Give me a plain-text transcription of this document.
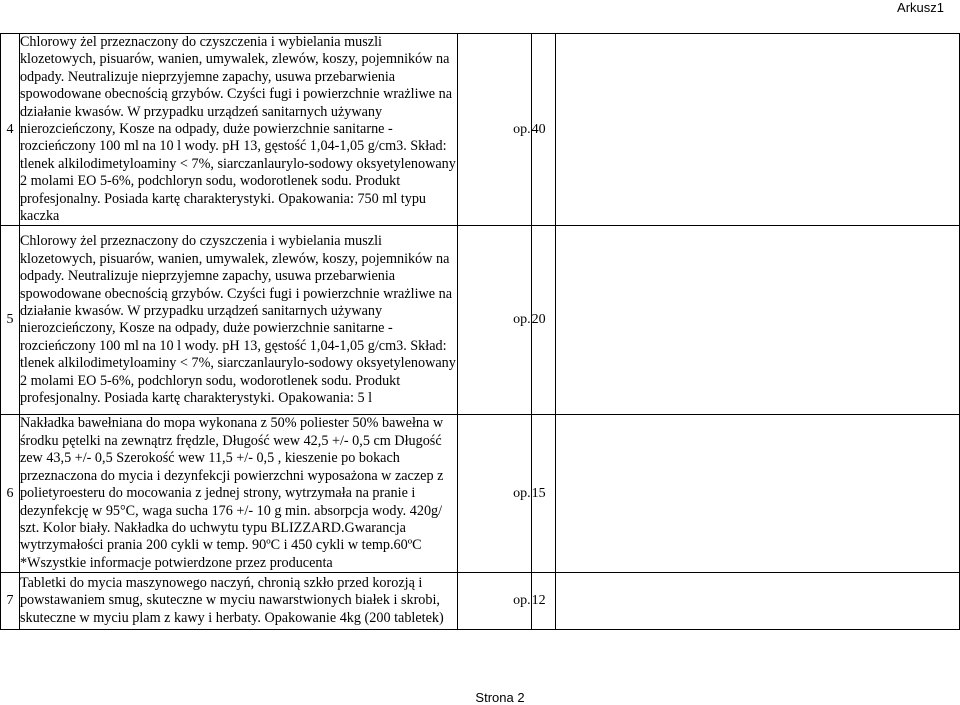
Arkusz1
4	Chlorowy żel przeznaczony do czyszczenia i wybielania muszli klozetowych, pisuarów, wanien, umywalek, zlewów, koszy, pojemników na odpady. Neutralizuje nieprzyjemne zapachy, usuwa przebarwienia spowodowane obecnością grzybów. Czyści fugi i powierzchnie wrażliwe na działanie kwasów. W przypadku urządzeń sanitarnych używany nierozcieńczony, Kosze na odpady, duże powierzchnie sanitarne - rozcieńczony 100 ml na 10 l wody. pH 13, gęstość 1,04-1,05 g/cm3. Skład: tlenek alkilodimetyloaminy < 7%, siarczanlaurylo-sodowy oksyetylenowany 2 molami EO 5-6%, podchloryn sodu, wodorotlenek sodu. Produkt profesjonalny. Posiada kartę charakterystyki. Opakowania: 750 ml typu kaczka	op.	40	
5	Chlorowy żel przeznaczony do czyszczenia i wybielania muszli klozetowych, pisuarów, wanien, umywalek, zlewów, koszy, pojemników na odpady. Neutralizuje nieprzyjemne zapachy, usuwa przebarwienia spowodowane obecnością grzybów. Czyści fugi i powierzchnie wrażliwe na działanie kwasów. W przypadku urządzeń sanitarnych używany nierozcieńczony, Kosze na odpady, duże powierzchnie sanitarne - rozcieńczony 100 ml na 10 l wody. pH 13, gęstość 1,04-1,05 g/cm3. Skład: tlenek alkilodimetyloaminy < 7%, siarczanlaurylo-sodowy oksyetylenowany 2 molami EO 5-6%, podchloryn sodu, wodorotlenek sodu. Produkt profesjonalny. Posiada kartę charakterystyki. Opakowania: 5 l	op.	20	
6	Nakładka bawełniana do mopa wykonana z 50% poliester 50% bawełna w środku pętelki na zewnątrz frędzle, Długość wew 42,5 +/- 0,5 cm Długość zew 43,5 +/- 0,5 Szerokość wew 11,5 +/- 0,5 , kieszenie po bokach przeznaczona do mycia i dezynfekcji powierzchni wyposażona w zaczep z polietyroesteru do mocowania z jednej strony, wytrzymała na pranie i dezynfekcję w 95°C, waga sucha 176 +/- 10 g min. absorpcja wody. 420g/ szt. Kolor biały. Nakładka do uchwytu typu BLIZZARD.Gwarancja wytrzymałości prania 200 cykli w temp. 90ºC i 450 cykli w temp.60ºC *Wszystkie informacje potwierdzone przez producenta	op.	15	
7	Tabletki do mycia maszynowego naczyń, chronią szkło przed korozją i powstawaniem smug, skuteczne w myciu nawarstwionych białek i skrobi, skuteczne w myciu plam z kawy i herbaty. Opakowanie 4kg (200 tabletek)	op.	12	
Strona 2
